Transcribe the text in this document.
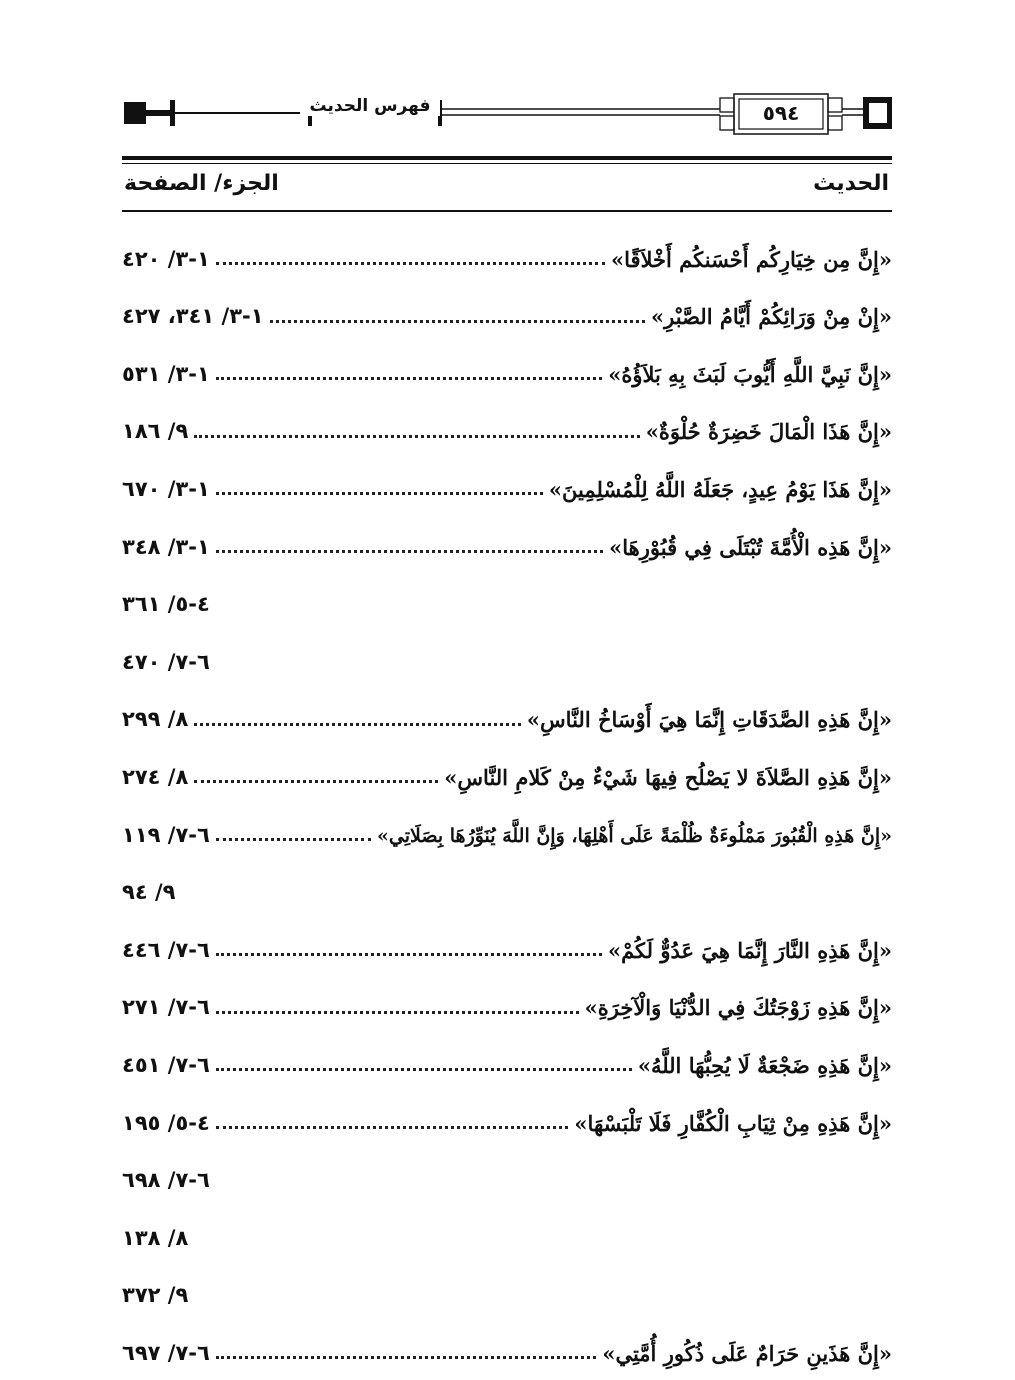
فهرس الحديث	٥٩٤
الحديث
الجزء/ الصفحة
«إِنَّ مِن خِيَارِكُم أَحْسَنكُم أَخْلاَقًا»
١-٣/ ٤٢٠
«إِنْ مِنْ وَرَائِكُمْ أَيَّامُ الصَّبْرِ»
١-٣/ ٣٤١، ٤٢٧
«إِنَّ نَبِيَّ اللَّهِ أَيُّوبَ لَبَثَ بِهِ بَلاَؤُهُ»
١-٣/ ٥٣١
«إِنَّ هَذَا الْمَالَ خَضِرَةٌ حُلْوَةٌ»
٩/ ١٨٦
«إِنَّ هَذَا يَوْمُ عِيدٍ، جَعَلَهُ اللَّهُ لِلْمُسْلِمِينَ»
١-٣/ ٦٧٠
«إِنَّ هَذِه الْأُمَّةَ تُبْتَلَى فِي قُبُوْرِهَا»
١-٣/ ٣٤٨
٤-٥/ ٣٦١
٦-٧/ ٤٧٠
«إِنَّ هَذِهِ الصَّدَقَاتِ إِنَّمَا هِيَ أَوْسَاخُ النَّاسِ»
٨/ ٢٩٩
«إِنَّ هَذِهِ الصَّلاَةَ لا يَصْلُح فِيهَا شَيْءٌ مِنْ كَلامِ النَّاسِ»
٨/ ٢٧٤
«إِنَّ هَذِهِ الْقُبُورَ مَمْلُوءَةٌ ظُلْمَةً عَلَى أَهْلِهَا، وَإِنَّ اللَّهَ يُنَوِّرُهَا بِصَلَاتِي»
٦-٧/ ١١٩
٩/ ٩٤
«إِنَّ هَذِهِ النَّارَ إِنَّمَا هِيَ عَدُوٌّ لَكُمْ»
٦-٧/ ٤٤٦
«إِنَّ هَذِهِ زَوْجَتُكَ فِي الدُّنْيَا وَالْآخِرَةِ»
٦-٧/ ٢٧١
«إِنَّ هَذِهِ ضَجْعَةٌ لَا يُحِبُّهَا اللَّهُ»
٦-٧/ ٤٥١
«إِنَّ هَذِهِ مِنْ ثِيَابِ الْكُفَّارِ فَلَا تَلْبَسْهَا»
٤-٥/ ١٩٥
٦-٧/ ٦٩٨
٨/ ١٣٨
٩/ ٣٧٢
«إِنَّ هَذَينِ حَرَامٌ عَلَى ذُكُورِ أُمَّتِي»
٦-٧/ ٦٩٧
